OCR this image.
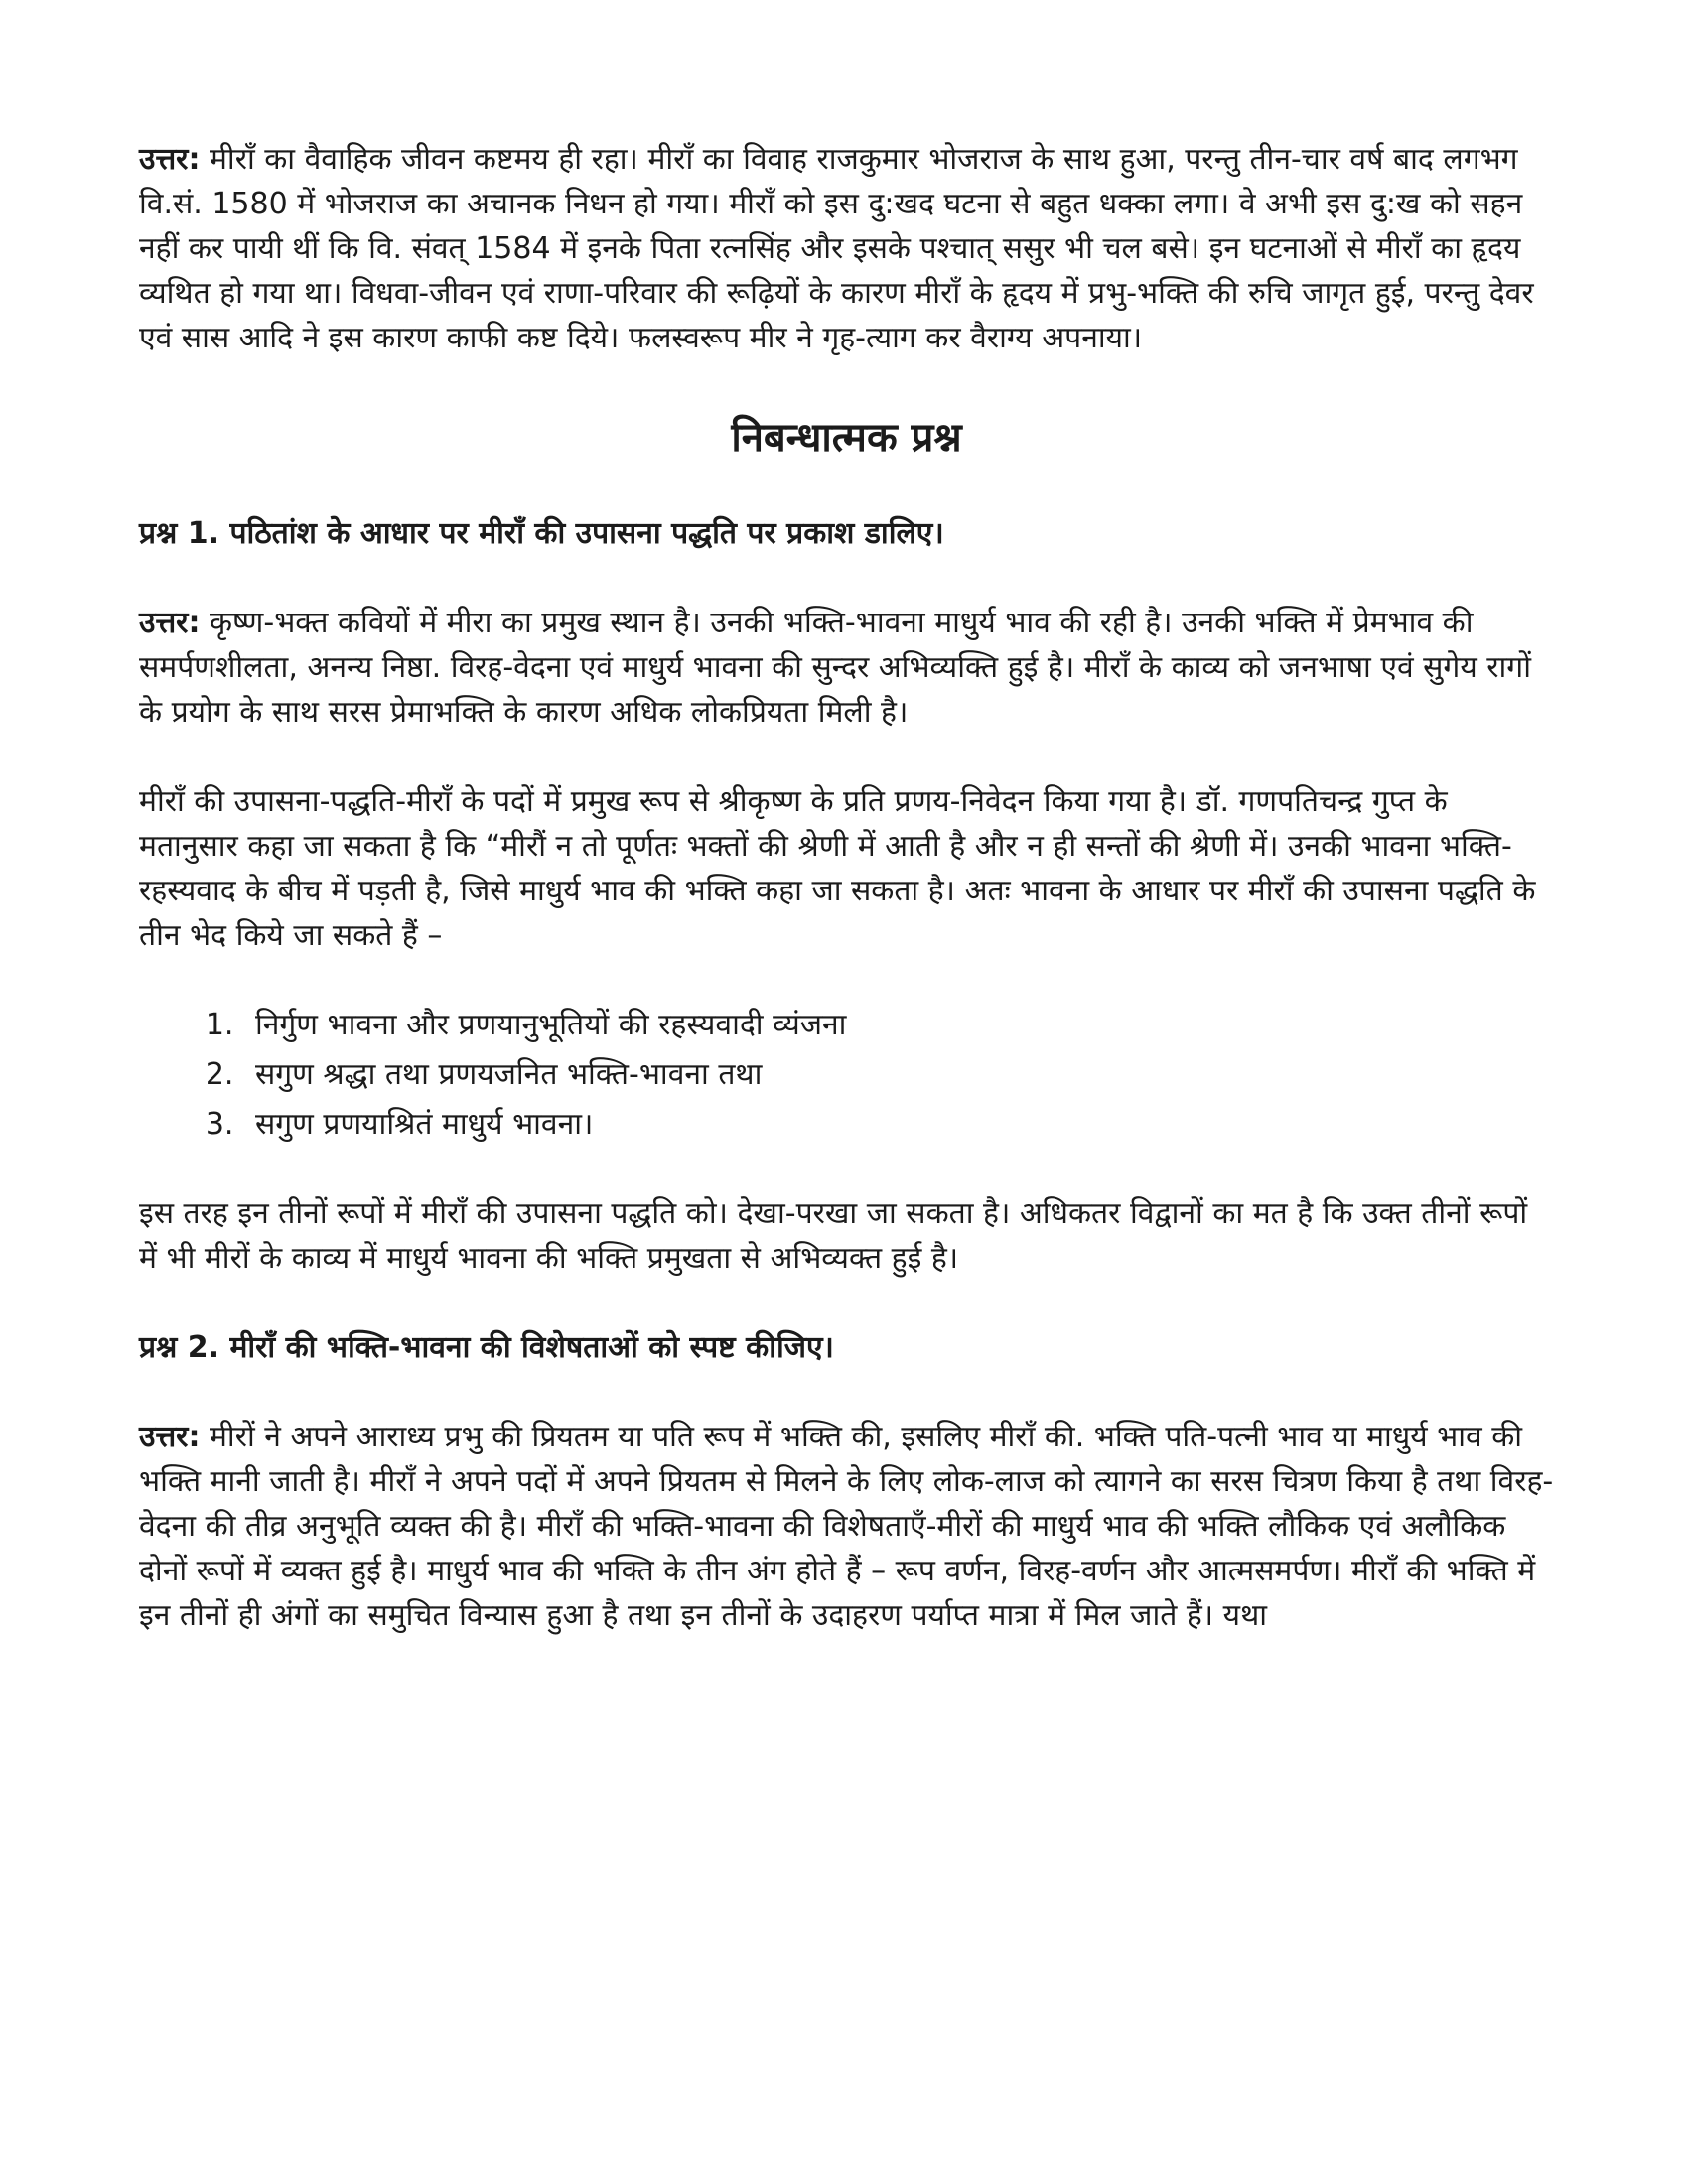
उत्तर: मीराँ का वैवाहिक जीवन कष्टमय ही रहा। मीराँ का विवाह राजकुमार भोजराज के साथ हुआ, परन्तु तीन-चार वर्ष बाद लगभग वि.सं. 1580 में भोजराज का अचानक निधन हो गया। मीराँ को इस दु:खद घटना से बहुत धक्का लगा। वे अभी इस दु:ख को सहन नहीं कर पायी थीं कि वि. संवत् 1584 में इनके पिता रत्नसिंह और इसके पश्चात् ससुर भी चल बसे। इन घटनाओं से मीराँ का हृदय व्यथित हो गया था। विधवा-जीवन एवं राणा-परिवार की रूढ़ियों के कारण मीराँ के हृदय में प्रभु-भक्ति की रुचि जागृत हुई, परन्तु देवर एवं सास आदि ने इस कारण काफी कष्ट दिये। फलस्वरूप मीर ने गृह-त्याग कर वैराग्य अपनाया।

निबन्धात्मक प्रश्न

प्रश्न 1. पठितांश के आधार पर मीराँ की उपासना पद्धति पर प्रकाश डालिए।

उत्तर: कृष्ण-भक्त कवियों में मीरा का प्रमुख स्थान है। उनकी भक्ति-भावना माधुर्य भाव की रही है। उनकी भक्ति में प्रेमभाव की समर्पणशीलता, अनन्य निष्ठा. विरह-वेदना एवं माधुर्य भावना की सुन्दर अभिव्यक्ति हुई है। मीराँ के काव्य को जनभाषा एवं सुगेय रागों के प्रयोग के साथ सरस प्रेमाभक्ति के कारण अधिक लोकप्रियता मिली है।

मीराँ की उपासना-पद्धति-मीराँ के पदों में प्रमुख रूप से श्रीकृष्ण के प्रति प्रणय-निवेदन किया गया है। डॉ. गणपतिचन्द्र गुप्त के मतानुसार कहा जा सकता है कि “मीरौं न तो पूर्णतः भक्तों की श्रेणी में आती है और न ही सन्तों की श्रेणी में। उनकी भावना भक्ति-रहस्यवाद के बीच में पड़ती है, जिसे माधुर्य भाव की भक्ति कहा जा सकता है। अतः भावना के आधार पर मीराँ की उपासना पद्धति के तीन भेद किये जा सकते हैं –

1. निर्गुण भावना और प्रणयानुभूतियों की रहस्यवादी व्यंजना
2. सगुण श्रद्धा तथा प्रणयजनित भक्ति-भावना तथा
3. सगुण प्रणयाश्रितं माधुर्य भावना।

इस तरह इन तीनों रूपों में मीराँ की उपासना पद्धति को। देखा-परखा जा सकता है। अधिकतर विद्वानों का मत है कि उक्त तीनों रूपों में भी मीरों के काव्य में माधुर्य भावना की भक्ति प्रमुखता से अभिव्यक्त हुई है।

प्रश्न 2. मीराँ की भक्ति-भावना की विशेषताओं को स्पष्ट कीजिए।

उत्तर: मीरों ने अपने आराध्य प्रभु की प्रियतम या पति रूप में भक्ति की, इसलिए मीराँ की. भक्ति पति-पत्नी भाव या माधुर्य भाव की भक्ति मानी जाती है। मीराँ ने अपने पदों में अपने प्रियतम से मिलने के लिए लोक-लाज को त्यागने का सरस चित्रण किया है तथा विरह-वेदना की तीव्र अनुभूति व्यक्त की है। मीराँ की भक्ति-भावना की विशेषताएँ-मीरों की माधुर्य भाव की भक्ति लौकिक एवं अलौकिक दोनों रूपों में व्यक्त हुई है। माधुर्य भाव की भक्ति के तीन अंग होते हैं – रूप वर्णन, विरह-वर्णन और आत्मसमर्पण। मीराँ की भक्ति में इन तीनों ही अंगों का समुचित विन्यास हुआ है तथा इन तीनों के उदाहरण पर्याप्त मात्रा में मिल जाते हैं। यथा
